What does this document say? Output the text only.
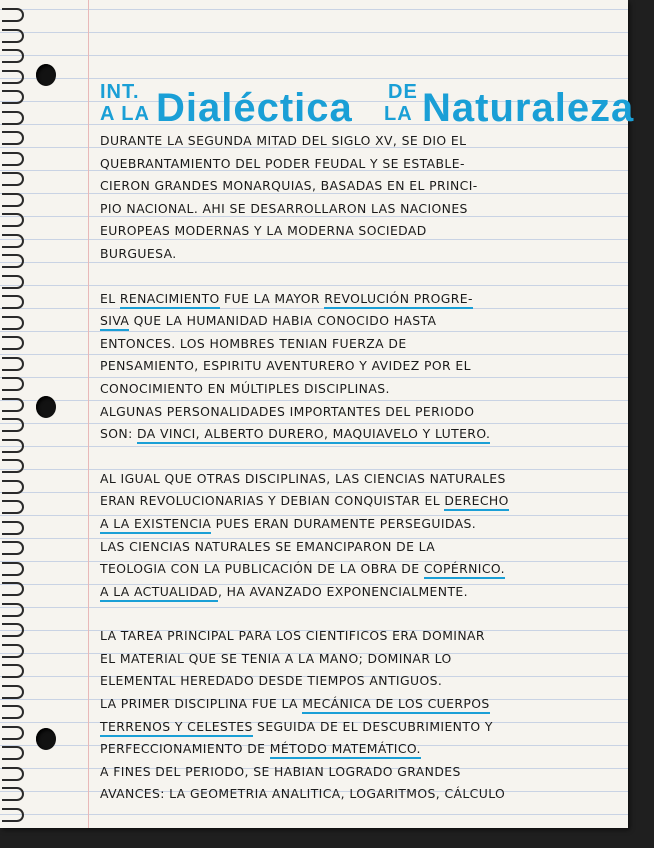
INT.
A LA Dialéctica DE
LA Naturaleza

DURANTE LA SEGUNDA MITAD DEL SIGLO XV, SE DIO EL

QUEBRANTAMIENTO DEL PODER FEUDAL Y SE ESTABLE-

CIERON GRANDES MONARQUIAS, BASADAS EN EL PRINCI-

PIO NACIONAL. AHI SE DESARROLLARON LAS NACIONES

EUROPEAS MODERNAS Y LA MODERNA SOCIEDAD

BURGUESA.

EL RENACIMIENTO FUE LA MAYOR REVOLUCIÓN PROGRE-

SIVA QUE LA HUMANIDAD HABIA CONOCIDO HASTA

ENTONCES. LOS HOMBRES TENIAN FUERZA DE

PENSAMIENTO, ESPIRITU AVENTURERO Y AVIDEZ POR EL

CONOCIMIENTO EN MÚLTIPLES DISCIPLINAS.

ALGUNAS PERSONALIDADES IMPORTANTES DEL PERIODO

SON: DA VINCI, ALBERTO DURERO, MAQUIAVELO Y LUTERO.

AL IGUAL QUE OTRAS DISCIPLINAS, LAS CIENCIAS NATURALES

ERAN REVOLUCIONARIAS Y DEBIAN CONQUISTAR EL DERECHO

A LA EXISTENCIA PUES ERAN DURAMENTE PERSEGUIDAS.

LAS CIENCIAS NATURALES SE EMANCIPARON DE LA

TEOLOGIA CON LA PUBLICACIÓN DE LA OBRA DE COPÉRNICO.

A LA ACTUALIDAD, HA AVANZADO EXPONENCIALMENTE.

LA TAREA PRINCIPAL PARA LOS CIENTIFICOS ERA DOMINAR

EL MATERIAL QUE SE TENIA A LA MANO; DOMINAR LO

ELEMENTAL HEREDADO DESDE TIEMPOS ANTIGUOS.

LA PRIMER DISCIPLINA FUE LA MECÁNICA DE LOS CUERPOS

TERRENOS Y CELESTES SEGUIDA DE EL DESCUBRIMIENTO Y

PERFECCIONAMIENTO DE MÉTODO MATEMÁTICO.

A FINES DEL PERIODO, SE HABIAN LOGRADO GRANDES

AVANCES: LA GEOMETRIA ANALITICA, LOGARITMOS, CÁLCULO
